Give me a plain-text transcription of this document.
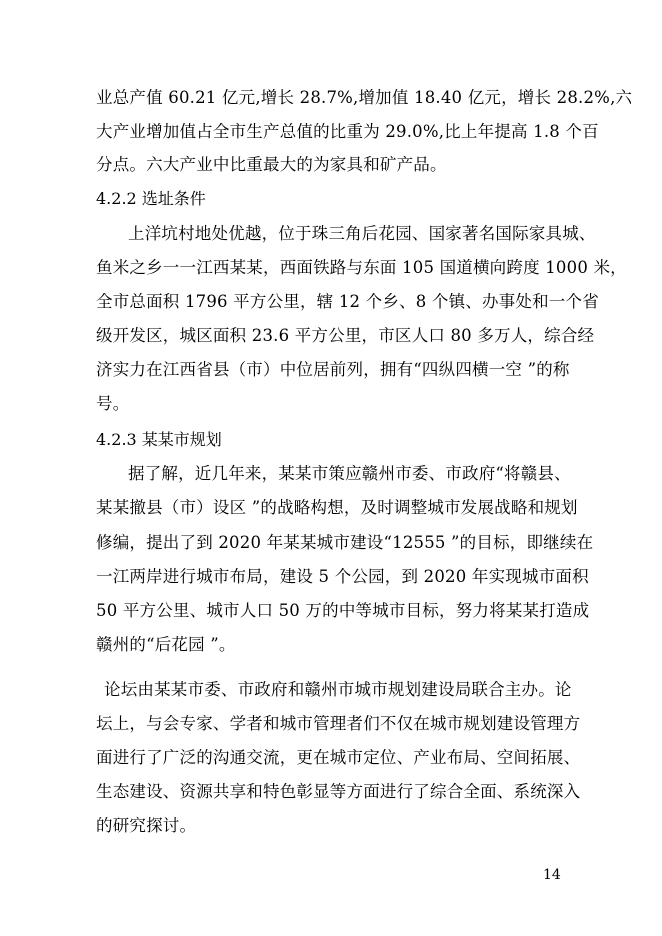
业总产值 60.21 亿元,增长 28.7%,增加值 18.40 亿元，增长 28.2%,六
大产业增加值占全市生产总值的比重为 29.0%,比上年提高 1.8 个百
分点。六大产业中比重最大的为家具和矿产品。
4.2.2 选址条件
上洋坑村地处优越，位于珠三角后花园、国家著名国际家具城、
鱼米之乡一一江西某某，西面铁路与东面 105 国道横向跨度 1000 米，
全市总面积 1796 平方公里，辖 12 个乡、8 个镇、办事处和一个省
级开发区，城区面积 23.6 平方公里，市区人口 80 多万人，综合经
济实力在江西省县（市）中位居前列，拥有“四纵四横一空 ”的称
号。
4.2.3 某某市规划
据了解，近几年来，某某市策应赣州市委、市政府“将赣县、
某某撤县（市）设区 ”的战略构想，及时调整城市发展战略和规划
修编，提出了到 2020 年某某城市建设“12555 ”的目标，即继续在
一江两岸进行城市布局，建设 5 个公园，到 2020 年实现城市面积
50 平方公里、城市人口 50 万的中等城市目标，努力将某某打造成
赣州的“后花园 ”。
论坛由某某市委、市政府和赣州市城市规划建设局联合主办。论
坛上，与会专家、学者和城市管理者们不仅在城市规划建设管理方
面进行了广泛的沟通交流，更在城市定位、产业布局、空间拓展、
生态建设、资源共享和特色彰显等方面进行了综合全面、系统深入
的研究探讨。
14
